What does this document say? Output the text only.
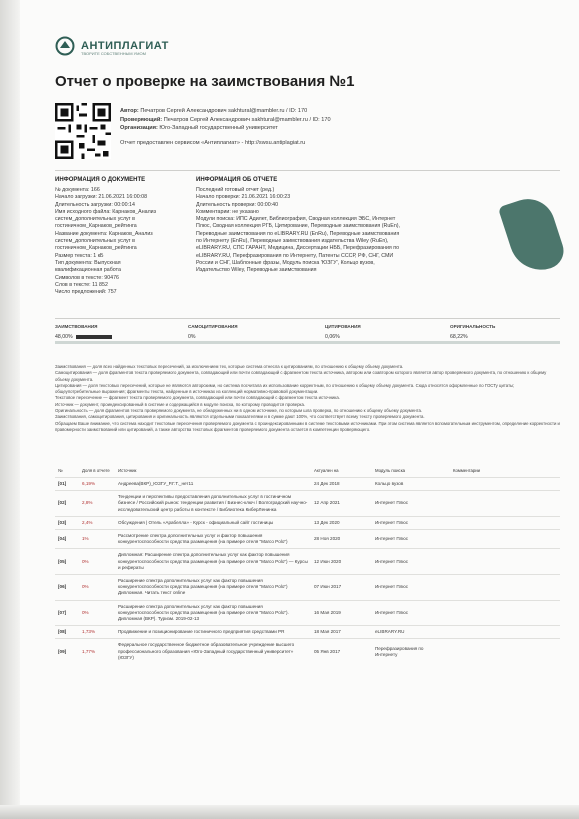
АНТИПЛАГИАТ
ТВОРИТЕ СОБСТВЕННЫМ УМОМ
Отчет о проверке на заимствования №1
Автор: Печатров Сергей Александрович sakhtural@mambler.ru / ID: 170
Проверяющий: Печатров Сергей Александрович sakhtural@mambler.ru / ID: 170
Организация: Юго-Западный государственный университет
Отчет предоставлен сервисом «Антиплагиат» - http://swsu.antiplagiat.ru
ИНФОРМАЦИЯ О ДОКУМЕНТЕ
№ документа: 166
Начало загрузки: 21.06.2021 16:00:08
Длительность загрузки: 00:00:14
Имя исходного файла: Карнаков_Анализ
систем_дополнительных услуг в
гостиничном_Карнаков_рейтинга
Название документа: Карнаков_Анализ
систем_дополнительных услуг в
гостиничном_Карнаков_рейтинга
Размер текста: 1 кБ
Тип документа: Выпускная
квалификационная работа
Символов в тексте: 90476
Слов в тексте: 11 852
Число предложений: 757
ИНФОРМАЦИЯ ОБ ОТЧЕТЕ
Последний готовый отчет (ред.)
Начало проверки: 21.06.2021 16:00:23
Длительность проверки: 00:00:40
Комментарии: не указано
Модули поиска: ИПС Адилет, Библиография, Сводная коллекция ЭБС, Интернет
Плюс, Сводная коллекция РГБ, Цитирование, Переводные заимствования (RuEn),
Переводные заимствования по eLIBRARY.RU (EnRu), Переводные заимствования
по Интернету (EnRu), Переводные заимствования издательства Wiley (RuEn),
eLIBRARY.RU, СПС ГАРАНТ, Медицина, Диссертации НББ, Перефразирования по
eLIBRARY.RU, Перефразирования по Интернету, Патенты СССР, РФ, СНГ, СМИ
России и СНГ, Шаблонные фразы, Модуль поиска 'ЮЗГУ', Кольцо вузов,
Издательство Wiley, Переводные заимствования
ЗАИМСТВОВАНИЯ
48,00%
САМОЦИТИРОВАНИЯ
0%
ЦИТИРОВАНИЯ
0,06%
ОРИГИНАЛЬНОСТЬ
68,22%
Заимствования — доля всех найденных текстовых пересечений, за исключением тех, которые система отнесла к цитированиям, по отношению к общему объему документа.
Самоцитирования — доля фрагментов текста проверяемого документа, совпадающий или почти совпадающий с фрагментом текста источника, автором или соавтором которого является автор проверяемого документа, по отношению к общему объему документа.
Цитирования — доля текстовых пересечений, которые не являются авторскими, но система посчитала их использование корректным, по отношению к общему объему документа. Сюда относятся оформленные по ГОСТу цитаты; общеупотребительные выражения; фрагменты текста, найденные в источниках из коллекций нормативно-правовой документации.
Текстовое пересечение — фрагмент текста проверяемого документа, совпадающий или почти совпадающий с фрагментом текста источника.
Источник — документ, проиндексированный в системе и содержащийся в модуле поиска, по которому проводится проверка.
Оригинальность — доля фрагментов текста проверяемого документа, не обнаруженных ни в одном источнике, по которым шла проверка, по отношению к общему объему документа.
Заимствования, самоцитирования, цитирования и оригинальность являются отдельными показателями и в сумме дают 100%, что соответствует всему тексту проверяемого документа.
Обращаем Ваше внимание, что система находит текстовые пересечения проверяемого документа с проиндексированными в системе текстовыми источниками. При этом система является вспомогательным инструментом, определение корректности и правомерности заимствований или цитирований, а также авторства текстовых фрагментов проверяемого документа остается в компетенции проверяющего.
№	Доля в отчете	Источник	Актуален на	Модуль поиска	Комментарии
[01]	6,19%	Андреева(ВКР)_ЮЗГУ_Р.Г.Т._нет11	24 Дек 2018	Кольцо вузов	
[02]	2,8%	Тенденции и перспективы предоставления дополнительных услуг в гостиничном бизнесе / Российский рынок: тенденции развития / Бизнес-ключ / Волгоградский научно-исследовательский центр работы в контексте / Библиотека КиберЛенинка	12 Апр 2021	Интернет Плюс	
[03]	2,4%	Обсуждения | Отель «Арабелла» - Курск - официальный сайт гостиницы	13 Дек 2020	Интернет Плюс	
[04]	1%	Рассмотрение спектра дополнительных услуг и фактор повышения конкурентоспособности средства размещения (на примере отеля "Marco Polo")	28 Ноя 2020	Интернет Плюс	
[05]	0%	Дипломная: Расширение спектра дополнительных услуг как фактор повышения конкурентоспособности средства размещения (на примере отеля "Marco Polo") — Курсы и рефераты	12 Июн 2020	Интернет Плюс	
[06]	0%	Расширение спектра дополнительных услуг как фактор повышения конкурентоспособности средства размещения (на примере отеля "Marco Polo") Дипломная. Читать текст online	07 Июн 2017	Интернет Плюс	
[07]	0%	Расширение спектра дополнительных услуг как фактор повышения конкурентоспособности средства размещения (на примере отеля "Marco Polo"). Дипломная (ВКР). Туризм. 2019-02-13	16 Мая 2019	Интернет Плюс	
[08]	1,73%	Продвижение и позиционирование гостиничного предприятия средствами PR	18 Мая 2017	eLIBRARY.RU	
[09]	1,77%	Федеральное государственное бюджетное образовательное учреждение высшего профессионального образования «Юго-Западный государственный университет» (ЮЗГУ)	05 Янв 2017	Перефразирования по Интернету	
